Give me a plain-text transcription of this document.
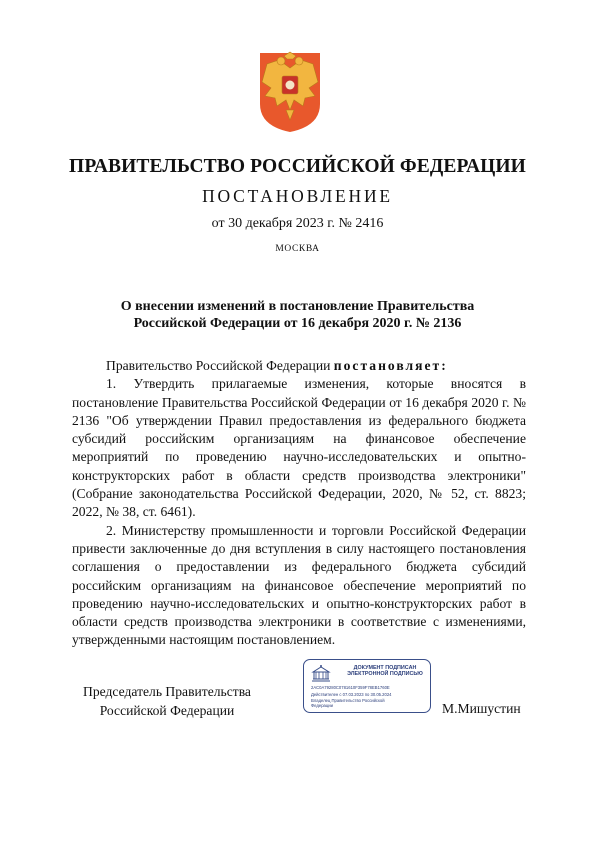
ПРАВИТЕЛЬСТВО РОССИЙСКОЙ ФЕДЕРАЦИИ
ПОСТАНОВЛЕНИЕ
от 30 декабря 2023 г. № 2416
МОСКВА
О внесении изменений в постановление Правительства
Российской Федерации от 16 декабря 2020 г. № 2136

Правительство Российской Федерации постановляет:

1. Утвердить прилагаемые изменения, которые вносятся в постановление Правительства Российской Федерации от 16 декабря 2020 г. № 2136 "Об утверждении Правил предоставления из федерального бюджета субсидий российским организациям на финансовое обеспечение мероприятий по проведению научно-исследовательских и опытно-конструкторских работ в области средств производства электроники" (Собрание законодательства Российской Федерации, 2020, № 52, ст. 8823; 2022, № 38, ст. 6461).

2. Министерству промышленности и торговли Российской Федерации привести заключенные до дня вступления в силу настоящего постановления соглашения о предоставлении из федерального бюджета субсидий российским организациям на финансовое обеспечение мероприятий по проведению научно-исследовательских и опытно-конструкторских работ в области средств производства электроники в соответствие с изменениями, утвержденными настоящим постановлением.

Председатель Правительства
Российской Федерации
ДОКУМЕНТ ПОДПИСАН
ЭЛЕКТРОННОЙ ПОДПИСЬЮ
2AC0A79280C0781610F359F78EB1760E
Действителен с 07.03.2023 по 30.05.2024
Владелец Правительство Российской
Федерации	М.Мишустин
